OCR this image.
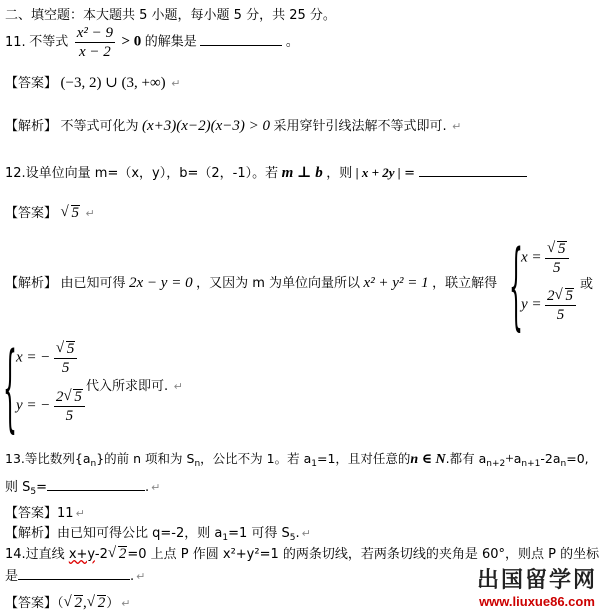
二、填空题：本大题共 5 小题，每小题 5 分，共 25 分。
11. 不等式 $\frac{\text{x² − 9}}{x - 2} > 0$ 的解集是	。
【答案】 (−3, 2) ∪ (3, +∞) ↵
【解析】 不等式可化为 (x+3)(x−2)(x−3) > 0 采用穿针引线法解不等式即可. ↵
12.设单位向量 m=（x，y），b=（2，-1）。若 m ⊥ b ，则 | x + 2y | =
【答案】 √ 5 ↵
【解析】 由已知可得 2x − y = 0 ，又因为 m 为单位向量所以 x² + y² = 1 ，联立解得 {
$x = \frac{√ 5}{5}$
$y = \frac{2 √ 5}{5}$
或
{ x = − $\frac{√ 5}{5}$
y = − $\frac{2 √ 5}{5}$
代入所求即可. ↵
13.等比数列$\{a_n\}$的前 n 项和为 $S_n$，公比不为 1。若 $a_1=1$，且对任意的n ∈ N.都有 $a_{n+2}+a_{n+1}-2a_n=0$,
则 $S_5=$	. ↵
【答案】11 ↵
【解析】由已知可得公比 q=-2，则 $a_1=1$ 可得 $S_5$. ↵
14.过直线 x+y-2 √ 2=0 上点 P 作圆 x²+y²=1 的两条切线，若两条切线的夹角是 60°，则点 P 的坐标
是	. ↵
【答案】（ √ 2, √ 2） ↵
出国留学网
www.liuxue86.com
